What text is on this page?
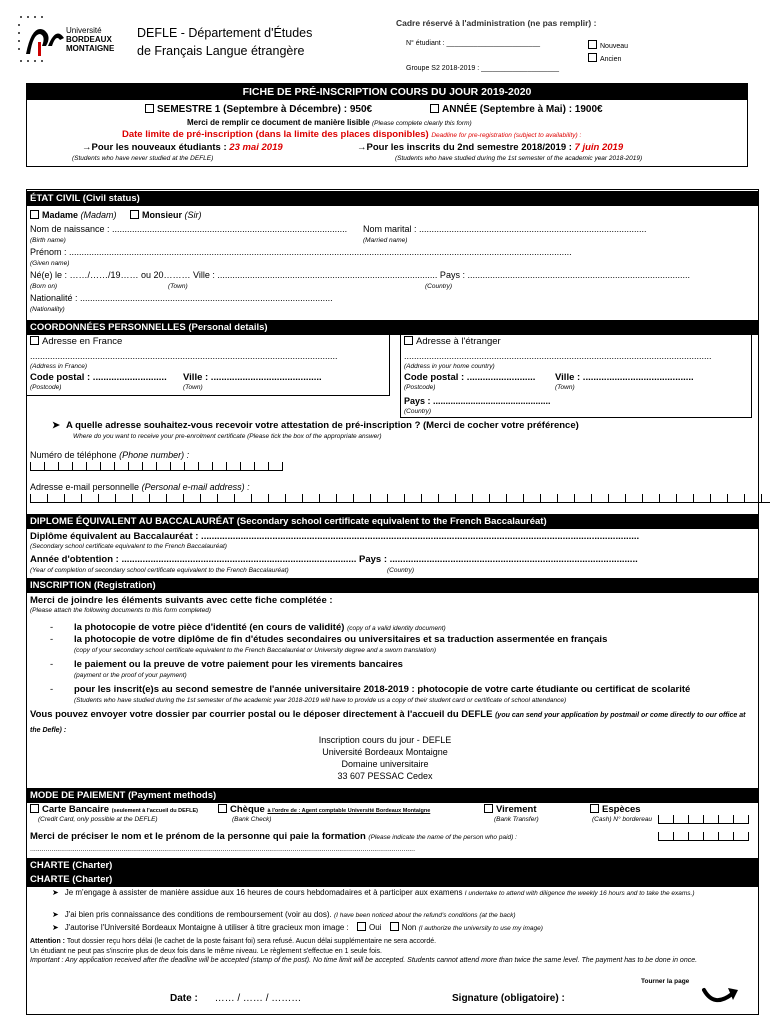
Université
BORDEAUX
MONTAIGNE
DEFLE - Département d'Études
de Français Langue étrangère
Cadre réservé à l'administration (ne pas remplir) :
N° étudiant : ________________________	Nouveau
Ancien
Groupe S2 2018-2019 : ____________________
FICHE DE PRÉ-INSCRIPTION COURS DU JOUR 2019-2020
SEMESTRE 1 (Septembre à Décembre) : 950€	ANNÉE (Septembre à Mai) : 1900€
Merci de remplir ce document de manière lisible (Please complete clearly this form)
Date limite de pré-inscription (dans la limite des places disponibles) Deadline for pre-registration (subject to availability) :
→Pour les nouveaux étudiants : 23 mai 2019
(Students who have never studied at the DEFLE)
→Pour les inscrits du 2nd semestre 2018/2019 : 7 juin 2019
(Students who have studied during the 1st semester of the academic year 2018-2019)
ÉTAT CIVIL (Civil status)
Madame (Madam)	Monsieur (Sir)
Nom de naissance : ..............................................................................................
(Birth name)
Nom marital : ...........................................................................................
(Married name)
Prénom : .........................................................................................................................................................................................................
(Given name)
Né(e) le : ……/……/19…… ou 20……… Ville : ........................................................................................ Pays : .........................................................................................
(Born on)	(Town)	(Country)
Nationalité : .....................................................................................................
(Nationality)
COORDONNÉES PERSONNELLES (Personal details)
Adresse en France
...........................................................................................................................
(Address in France)
Code postal : ............................ Ville : ..........................................
(Postcode)	(Town)
Adresse à l'étranger
...........................................................................................................................
(Address in your home country)
Code postal : .......................... Ville : ..........................................
(Postcode)	(Town)
Pays : ...............................................
(Country)
➤ A quelle adresse souhaitez-vous recevoir votre attestation de pré-inscription ? (Merci de cocher votre préférence)
Where do you want to receive your pre-enrolment certificate (Please tick the box of the appropriate answer)
Numéro de téléphone (Phone number) :
Adresse e-mail personnelle (Personal e-mail address) :
DIPLOME ÉQUIVALENT AU BACCALAURÉAT (Secondary school certificate equivalent to the French Baccalauréat)
Diplôme équivalent au Baccalauréat : ......................................................................................................................................................................
(Secondary school certificate equivalent to the French Baccalauréat)
Année d'obtention : ......................................................................................... Pays : ..............................................................................................
(Year of completion of secondary school certificate equivalent to the French Baccalauréat)	(Country)
INSCRIPTION (Registration)
Merci de joindre les éléments suivants avec cette fiche complétée :
(Please attach the following documents to this form completed)
- la photocopie de votre pièce d'identité (en cours de validité) (copy of a valid identity document)
- la photocopie de votre diplôme de fin d'études secondaires ou universitaires et sa traduction assermentée en français
(copy of your secondary school certificate equivalent to the French Baccalauréat or University degree and a sworn translation)
- le paiement ou la preuve de votre paiement pour les virements bancaires
(payment or the proof of your payment)
- pour les inscrit(e)s au second semestre de l'année universitaire 2018-2019 : photocopie de votre carte étudiante ou certificat de scolarité
(Students who have studied during the 1st semester of the academic year 2018-2019 will have to provide us a copy of their student card or certificate of school attendance)
Vous pouvez envoyer votre dossier par courrier postal ou le déposer directement à l'accueil du DEFLE (you can send your application by postmail or come directly to our office at the Defle) :
Inscription cours du jour - DEFLE
Université Bordeaux Montaigne
Domaine universitaire
33 607 PESSAC Cedex
MODE DE PAIEMENT (Payment methods)
Carte Bancaire (seulement à l'accueil du DEFLE)
(Credit Card, only possible at the DEFLE)
Chèque à l'ordre de : Agent comptable Université Bordeaux Montaigne
(Bank Check)
Virement
(Bank Transfer)
Espèces
(Cash) N° bordereau
Merci de préciser le nom et le prénom de la personne qui paie la formation (Please indicate the name of the person who paid) :
......................................................................................................................................................................................................
CHARTE (Charter)
CHARTE (Charter)
➤ Je m'engage à assister de manière assidue aux 16 heures de cours hebdomadaires et à participer aux examens I undertake to attend with diligence the weekly 16 hours and to take the exams.)
➤ J'ai bien pris connaissance des conditions de remboursement (voir au dos). (I have been noticed about the refund's conditions (at the back)
➤ J'autorise l'Université Bordeaux Montaigne à utiliser à titre gracieux mon image :	Oui	Non (I authorize the university to use my image)
Attention : Tout dossier reçu hors délai (le cachet de la poste faisant foi) sera refusé. Aucun délai supplémentaire ne sera accordé.
Un étudiant ne peut pas s'inscrire plus de deux fois dans le même niveau. Le règlement s'effectue en 1 seule fois.
Important : Any application received after the deadline will be accepted (stamp of the post). No time limit will be accepted. Students cannot attend more than twice the same level. The payment has to be done in once.
Tourner la page
Date : …… / …… / ………	Signature (obligatoire) :
